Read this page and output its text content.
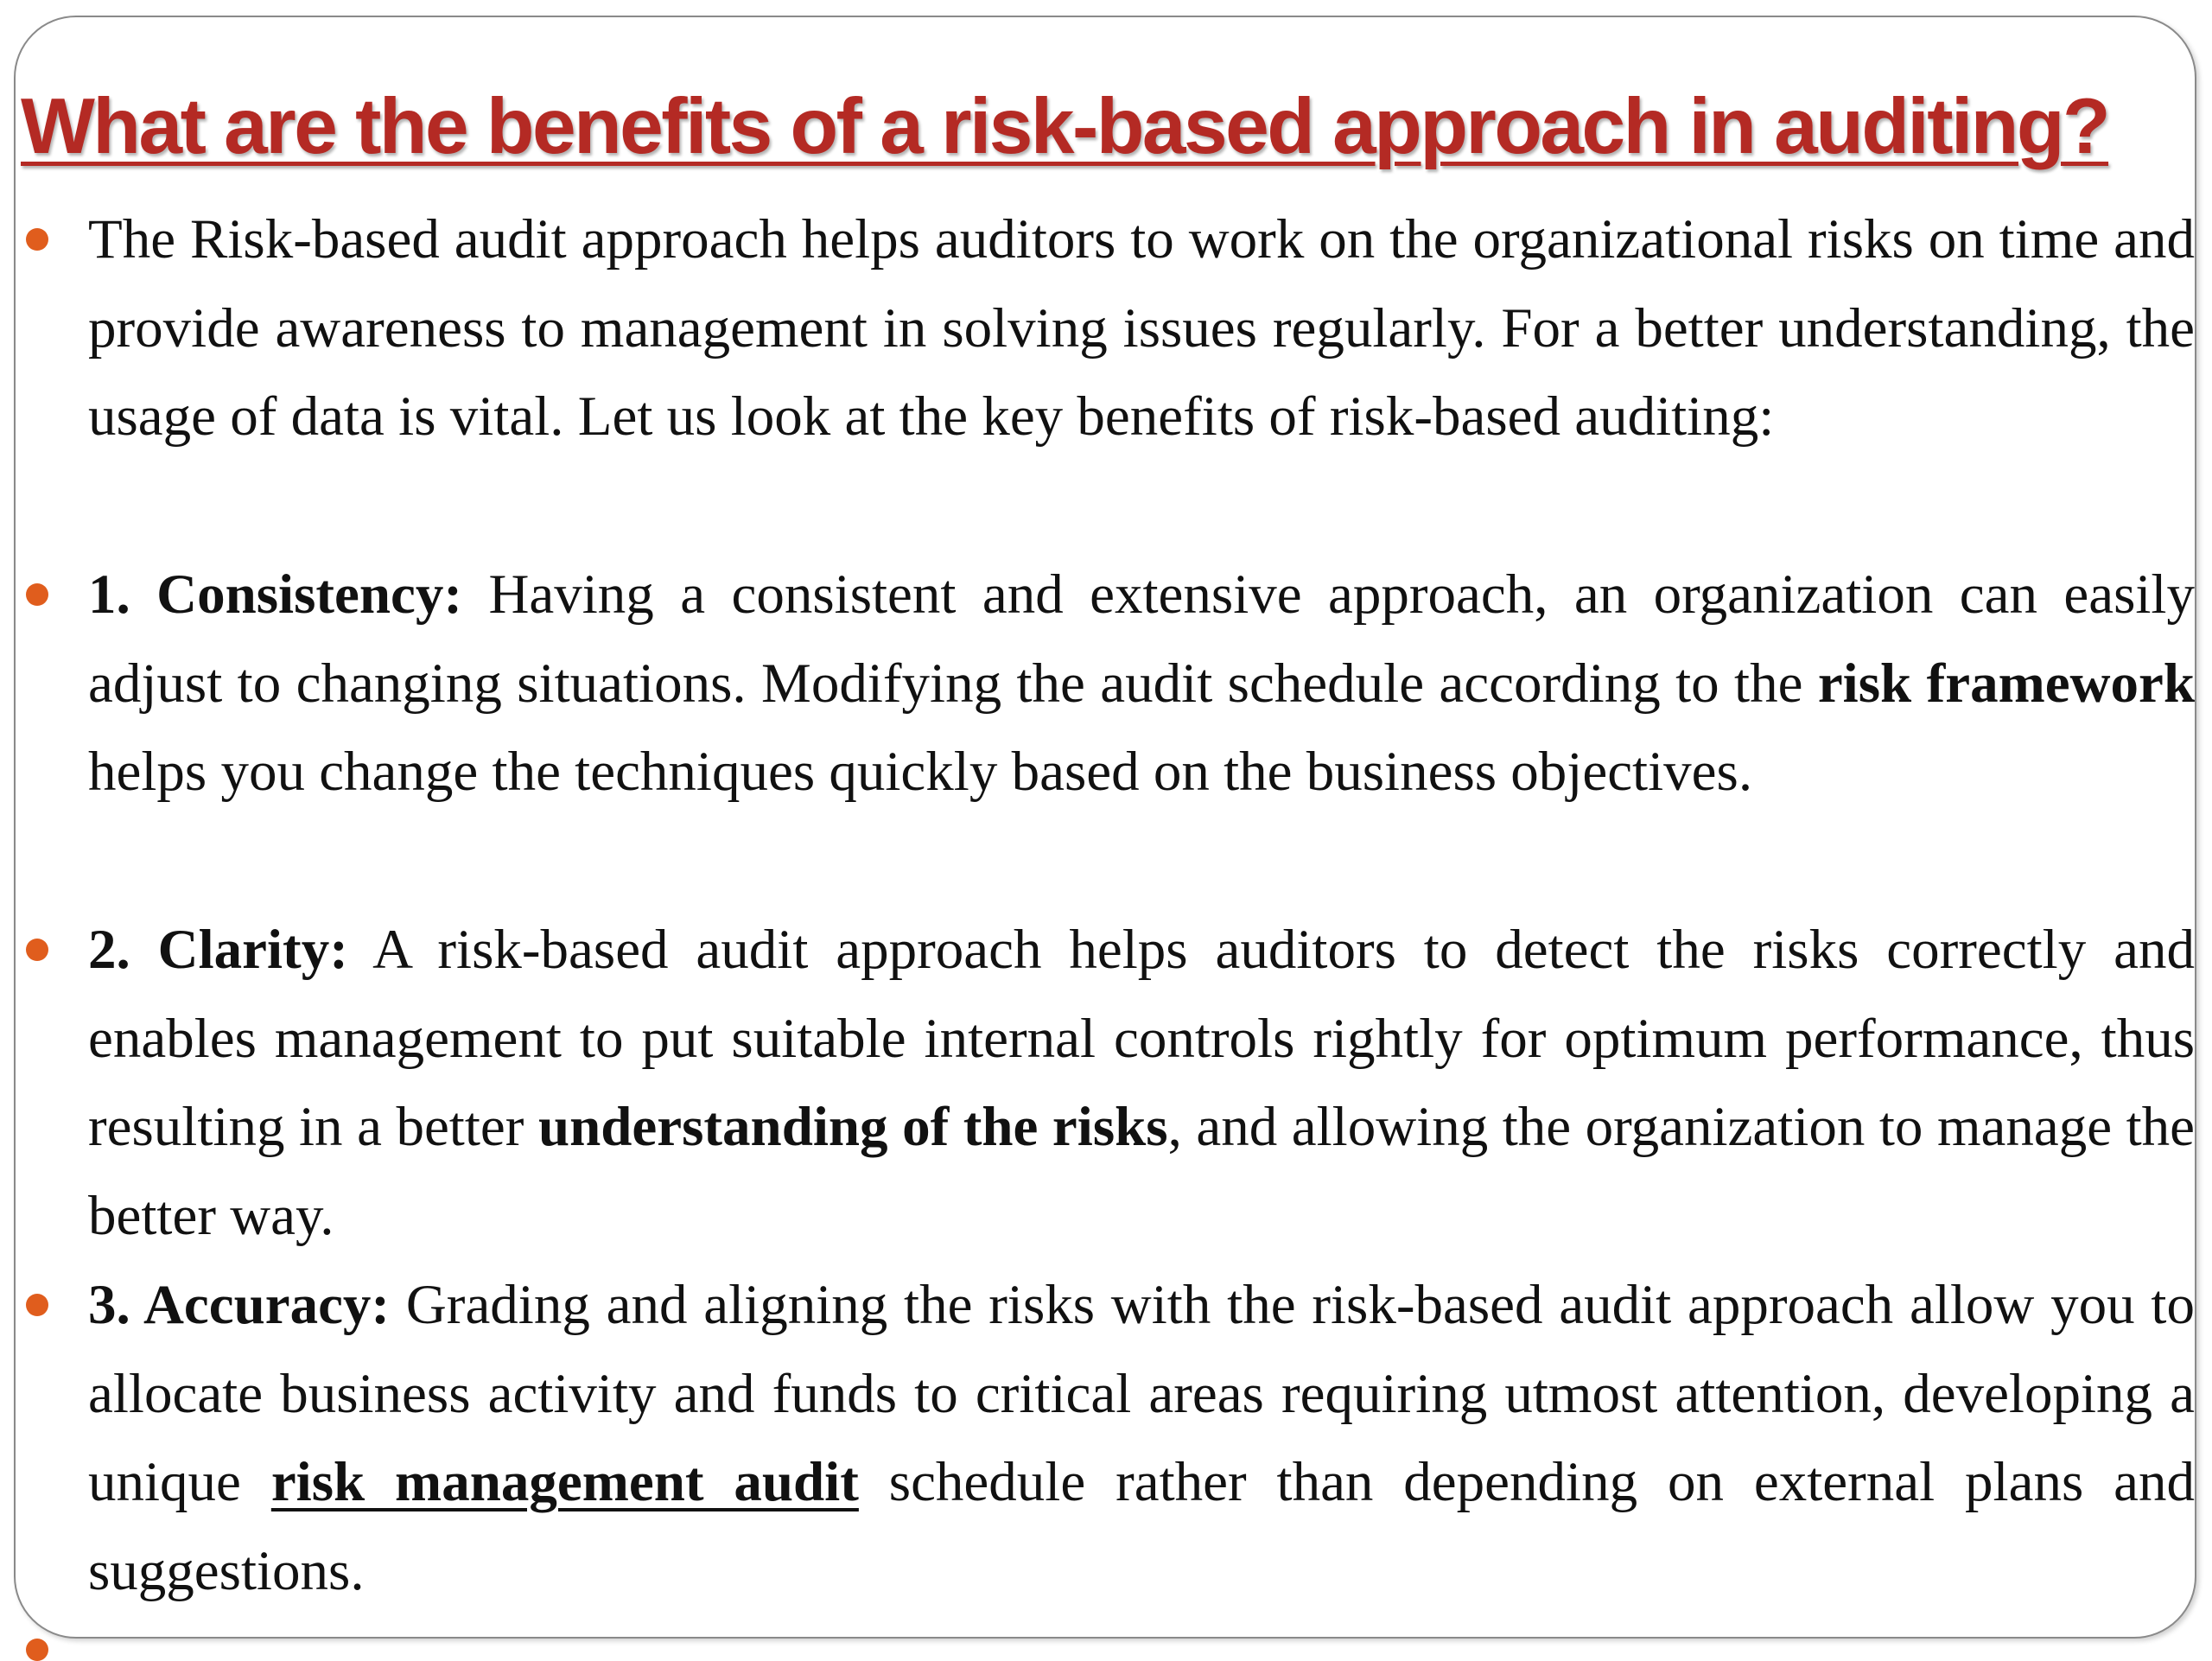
What are the benefits of a risk-based approach in auditing?

The Risk-based audit approach helps auditors to work on the organizational risks on time and provide awareness to management in solving issues regularly. For a better understanding, the usage of data is vital. Let us look at the key benefits of risk-based auditing:

1. Consistency: Having a consistent and extensive approach, an organization can easily adjust to changing situations. Modifying the audit schedule according to the risk framework helps you change the techniques quickly based on the business objectives.

2. Clarity: A risk-based audit approach helps auditors to detect the risks correctly and enables management to put suitable internal controls rightly for optimum performance, thus resulting in a better understanding of the risks, and allowing the organization to manage the better way.

3. Accuracy: Grading and aligning the risks with the risk-based audit approach allow you to allocate business activity and funds to critical areas requiring utmost attention, developing a unique risk management audit schedule rather than depending on external plans and suggestions.
